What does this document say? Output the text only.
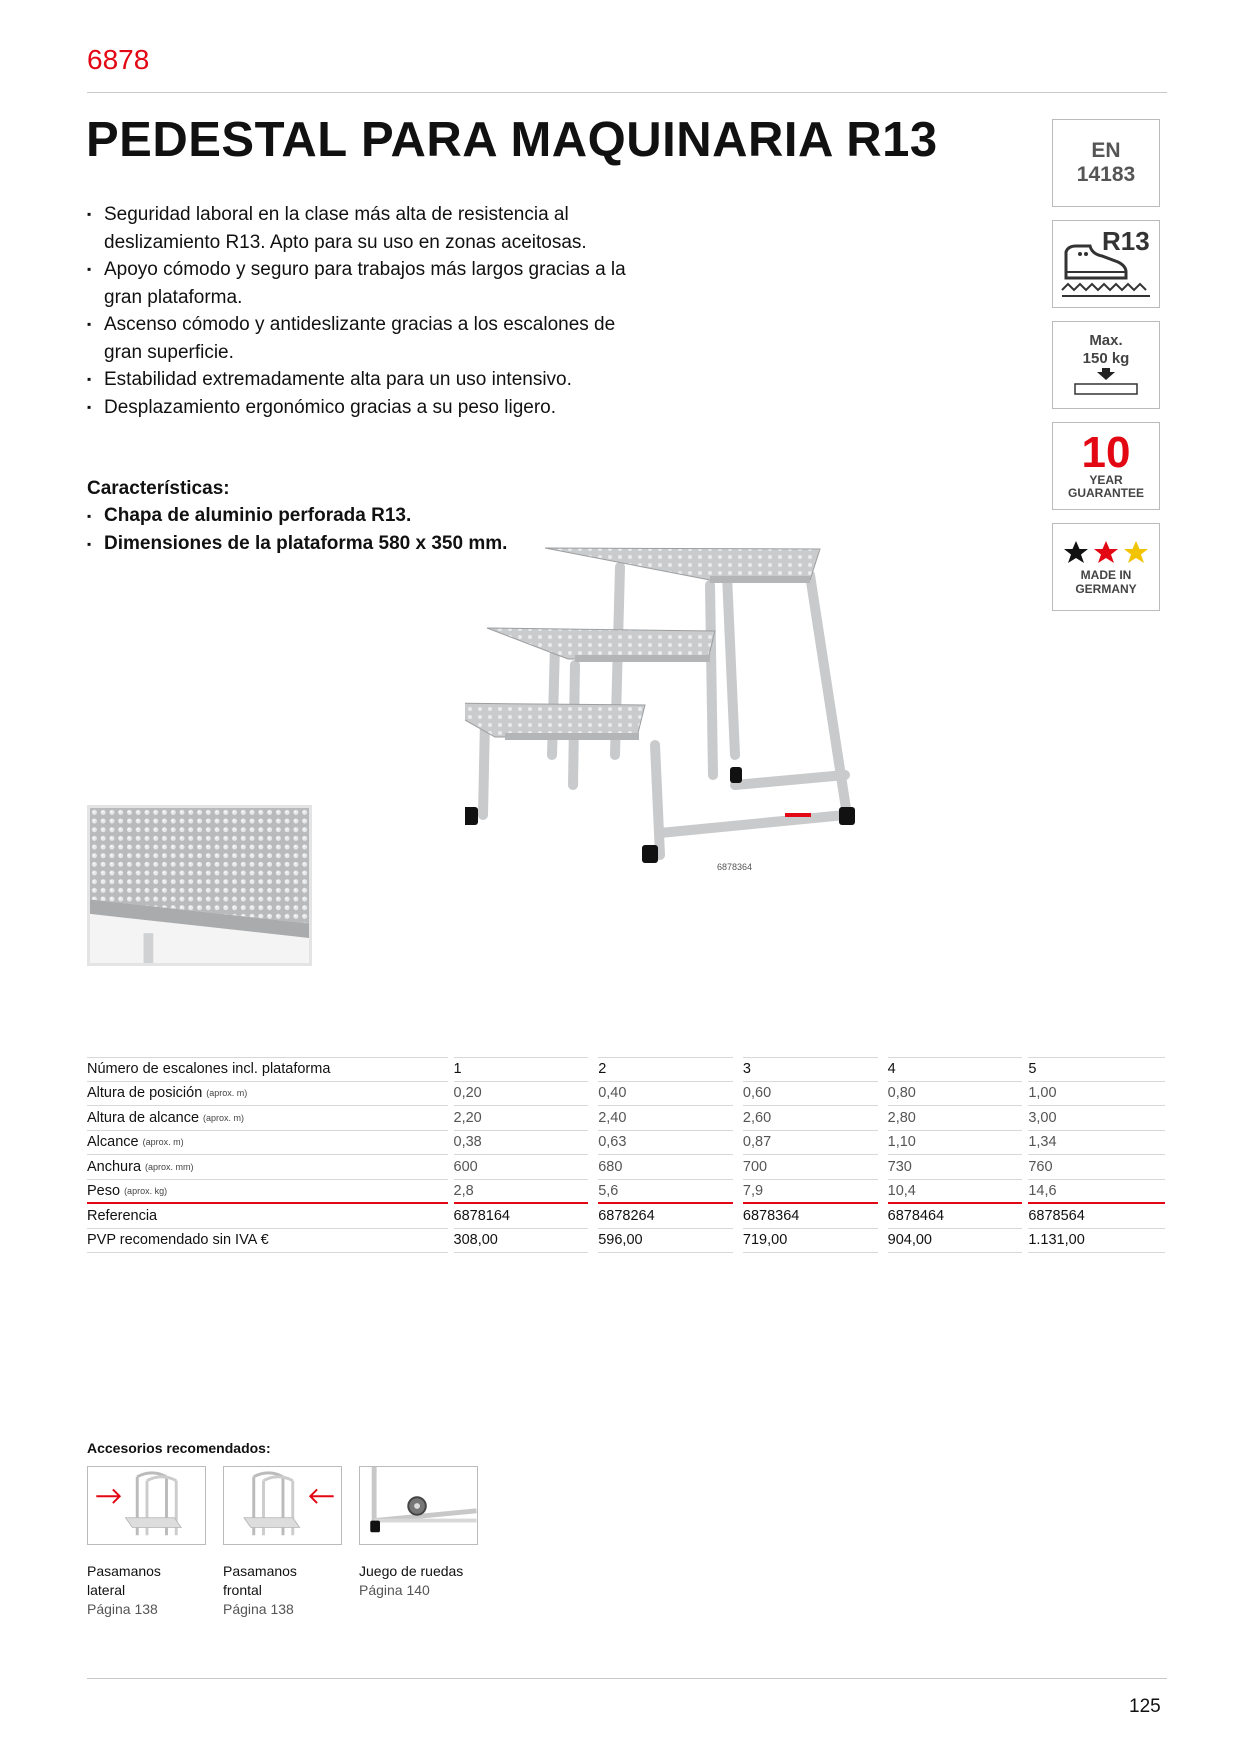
6878
PEDESTAL PARA MAQUINARIA R13
▪ Seguridad laboral en la clase más alta de resistencia al deslizamiento R13. Apto para su uso en zonas aceitosas.
▪ Apoyo cómodo y seguro para trabajos más largos gracias a la gran plataforma.
▪ Ascenso cómodo y antideslizante gracias a los escalones de gran superficie.
▪ Estabilidad extremadamente alta para un uso intensivo.
▪ Desplazamiento ergonómico gracias a su peso ligero.
Características:
▪ Chapa de aluminio perforada R13.
▪ Dimensiones de la plataforma 580 x 350 mm.
EN
14183
R13
Max.
150 kg
10
YEAR
GUARANTEE
MADE IN
GERMANY
6878364
Número de escalones incl. plataforma	1	2	3	4	5
Altura de posición (aprox. m)	0,20	0,40	0,60	0,80	1,00
Altura de alcance (aprox. m)	2,20	2,40	2,60	2,80	3,00
Alcance (aprox. m)	0,38	0,63	0,87	1,10	1,34
Anchura (aprox. mm)	600	680	700	730	760
Peso (aprox. kg)	2,8	5,6	7,9	10,4	14,6
Referencia	6878164	6878264	6878364	6878464	6878564
PVP recomendado sin IVA €	308,00	596,00	719,00	904,00	1.131,00
Accesorios recomendados:
Pasamanos
lateral
Página 138
Pasamanos
frontal
Página 138
Juego de ruedas
Página 140
125
